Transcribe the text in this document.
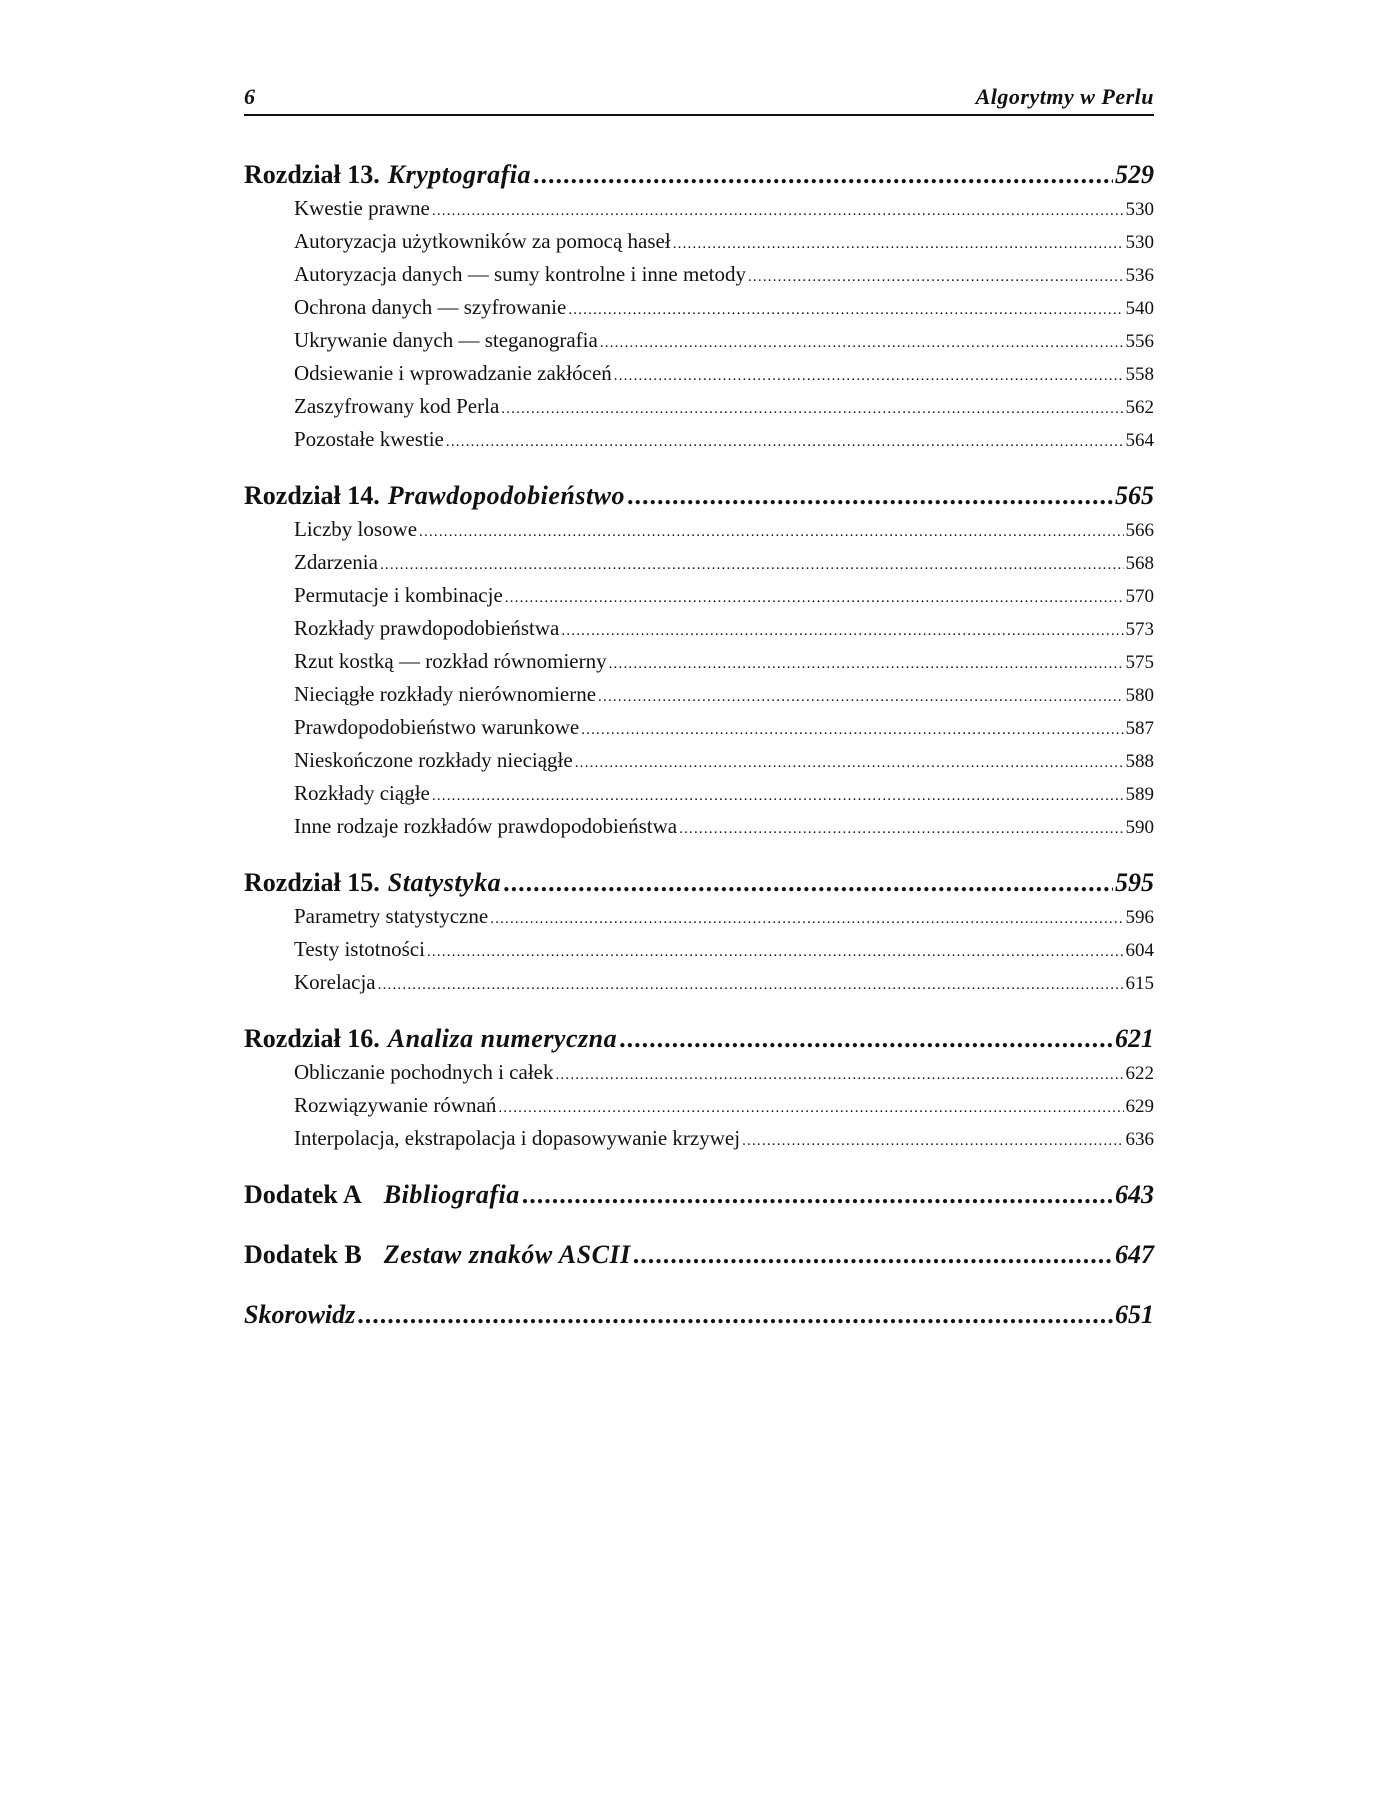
6	Algorytmy w Perlu
Rozdział 13. Kryptografia .....	529
Kwestie prawne .....	530
Autoryzacja użytkowników za pomocą haseł .....	530
Autoryzacja danych — sumy kontrolne i inne metody .....	536
Ochrona danych — szyfrowanie .....	540
Ukrywanie danych — steganografia .....	556
Odsiewanie i wprowadzanie zakłóceń .....	558
Zaszyfrowany kod Perla .....	562
Pozostałe kwestie .....	564
Rozdział 14. Prawdopodobieństwo .....	565
Liczby losowe .....	566
Zdarzenia .....	568
Permutacje i kombinacje .....	570
Rozkłady prawdopodobieństwa .....	573
Rzut kostką — rozkład równomierny .....	575
Nieciągłe rozkłady nierównomierne .....	580
Prawdopodobieństwo warunkowe .....	587
Nieskończone rozkłady nieciągłe .....	588
Rozkłady ciągłe .....	589
Inne rodzaje rozkładów prawdopodobieństwa .....	590
Rozdział 15. Statystyka .....	595
Parametry statystyczne .....	596
Testy istotności .....	604
Korelacja .....	615
Rozdział 16. Analiza numeryczna .....	621
Obliczanie pochodnych i całek .....	622
Rozwiązywanie równań .....	629
Interpolacja, ekstrapolacja i dopasowywanie krzywej .....	636
Dodatek A Bibliografia .....	643
Dodatek B Zestaw znaków ASCII .....	647
Skorowidz .....	651
